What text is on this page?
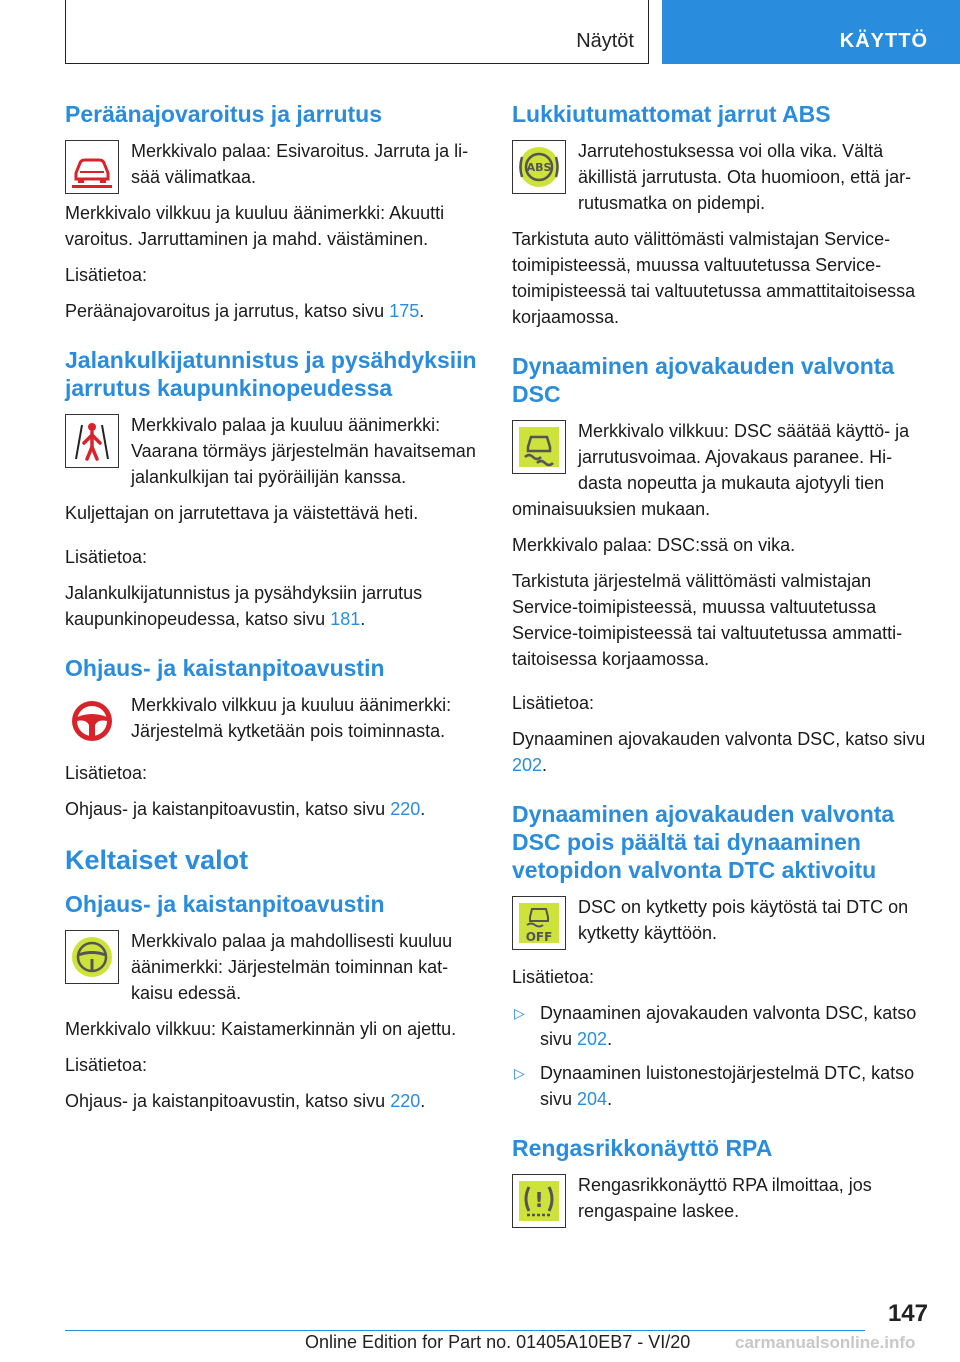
Näytöt	KÄYTTÖ
Peräänajovaroitus ja jarrutus

Merkkivalo palaa: Esivaroitus. Jarruta ja lisää välimatkaa.

Merkkivalo vilkkuu ja kuuluu äänimerkki: Akuutti varoitus. Jarruttaminen ja mahd. väistäminen.

Lisätietoa:

Peräänajovaroitus ja jarrutus, katso sivu 175.

Jalankulkijatunnistus ja pysähdyksiin jarrutus kaupunkinopeudessa

Merkkivalo palaa ja kuuluu äänimerkki: Vaarana törmäys järjestelmän havaitseman jalankulkijan tai pyöräilijän kanssa.

Kuljettajan on jarrutettava ja väistettävä heti.

Lisätietoa:

Jalankulkijatunnistus ja pysähdyksiin jarrutus kaupunkinopeudessa, katso sivu 181.

Ohjaus- ja kaistanpitoavustin

Merkkivalo vilkkuu ja kuuluu äänimerkki: Järjestelmä kytketään pois toiminnasta.

Lisätietoa:

Ohjaus- ja kaistanpitoavustin, katso sivu 220.

Keltaiset valot
Ohjaus- ja kaistanpitoavustin

Merkkivalo palaa ja mahdollisesti kuuluu äänimerkki: Järjestelmän toiminnan katkaisu edessä.

Merkkivalo vilkkuu: Kaistamerkinnän yli on ajettu.

Lisätietoa:

Ohjaus- ja kaistanpitoavustin, katso sivu 220.

Lukkiutumattomat jarrut ABS
ABS

Jarrutehostuksessa voi olla vika. Vältä äkillistä jarrutusta. Ota huomioon, että jarrutusmatka on pidempi.

Tarkistuta auto välittömästi valmistajan Service-toimipisteessä, muussa valtuutetussa Service-toimipisteessä tai valtuutetussa ammattitaitoisessa korjaamossa.

Dynaaminen ajovakauden valvonta DSC

Merkkivalo vilkkuu: DSC säätää käyttö- ja jarrutusvoimaa. Ajovakaus paranee. Hidasta nopeutta ja mukauta ajotyyli tien ominaisuuksien mukaan.

Merkkivalo palaa: DSC:ssä on vika.

Tarkistuta järjestelmä välittömästi valmistajan Service-toimipisteessä, muussa valtuutetussa Service-toimipisteessä tai valtuutetussa ammattitaitoisessa korjaamossa.

Lisätietoa:

Dynaaminen ajovakauden valvonta DSC, katso sivu 202.

Dynaaminen ajovakauden valvonta DSC pois päältä tai dynaaminen vetopidon valvonta DTC aktivoitu
OFF

DSC on kytketty pois käytöstä tai DTC on kytketty käyttöön.

Lisätietoa:

▷ Dynaaminen ajovakauden valvonta DSC, katso sivu 202.
▷ Dynaaminen luistonestojärjestelmä DTC, katso sivu 204.
Rengasrikkonäyttö RPA
!

Rengasrikkonäyttö RPA ilmoittaa, jos rengaspaine laskee.

147
Online Edition for Part no. 01405A10EB7 - VI/20	carmanualsonline.info
